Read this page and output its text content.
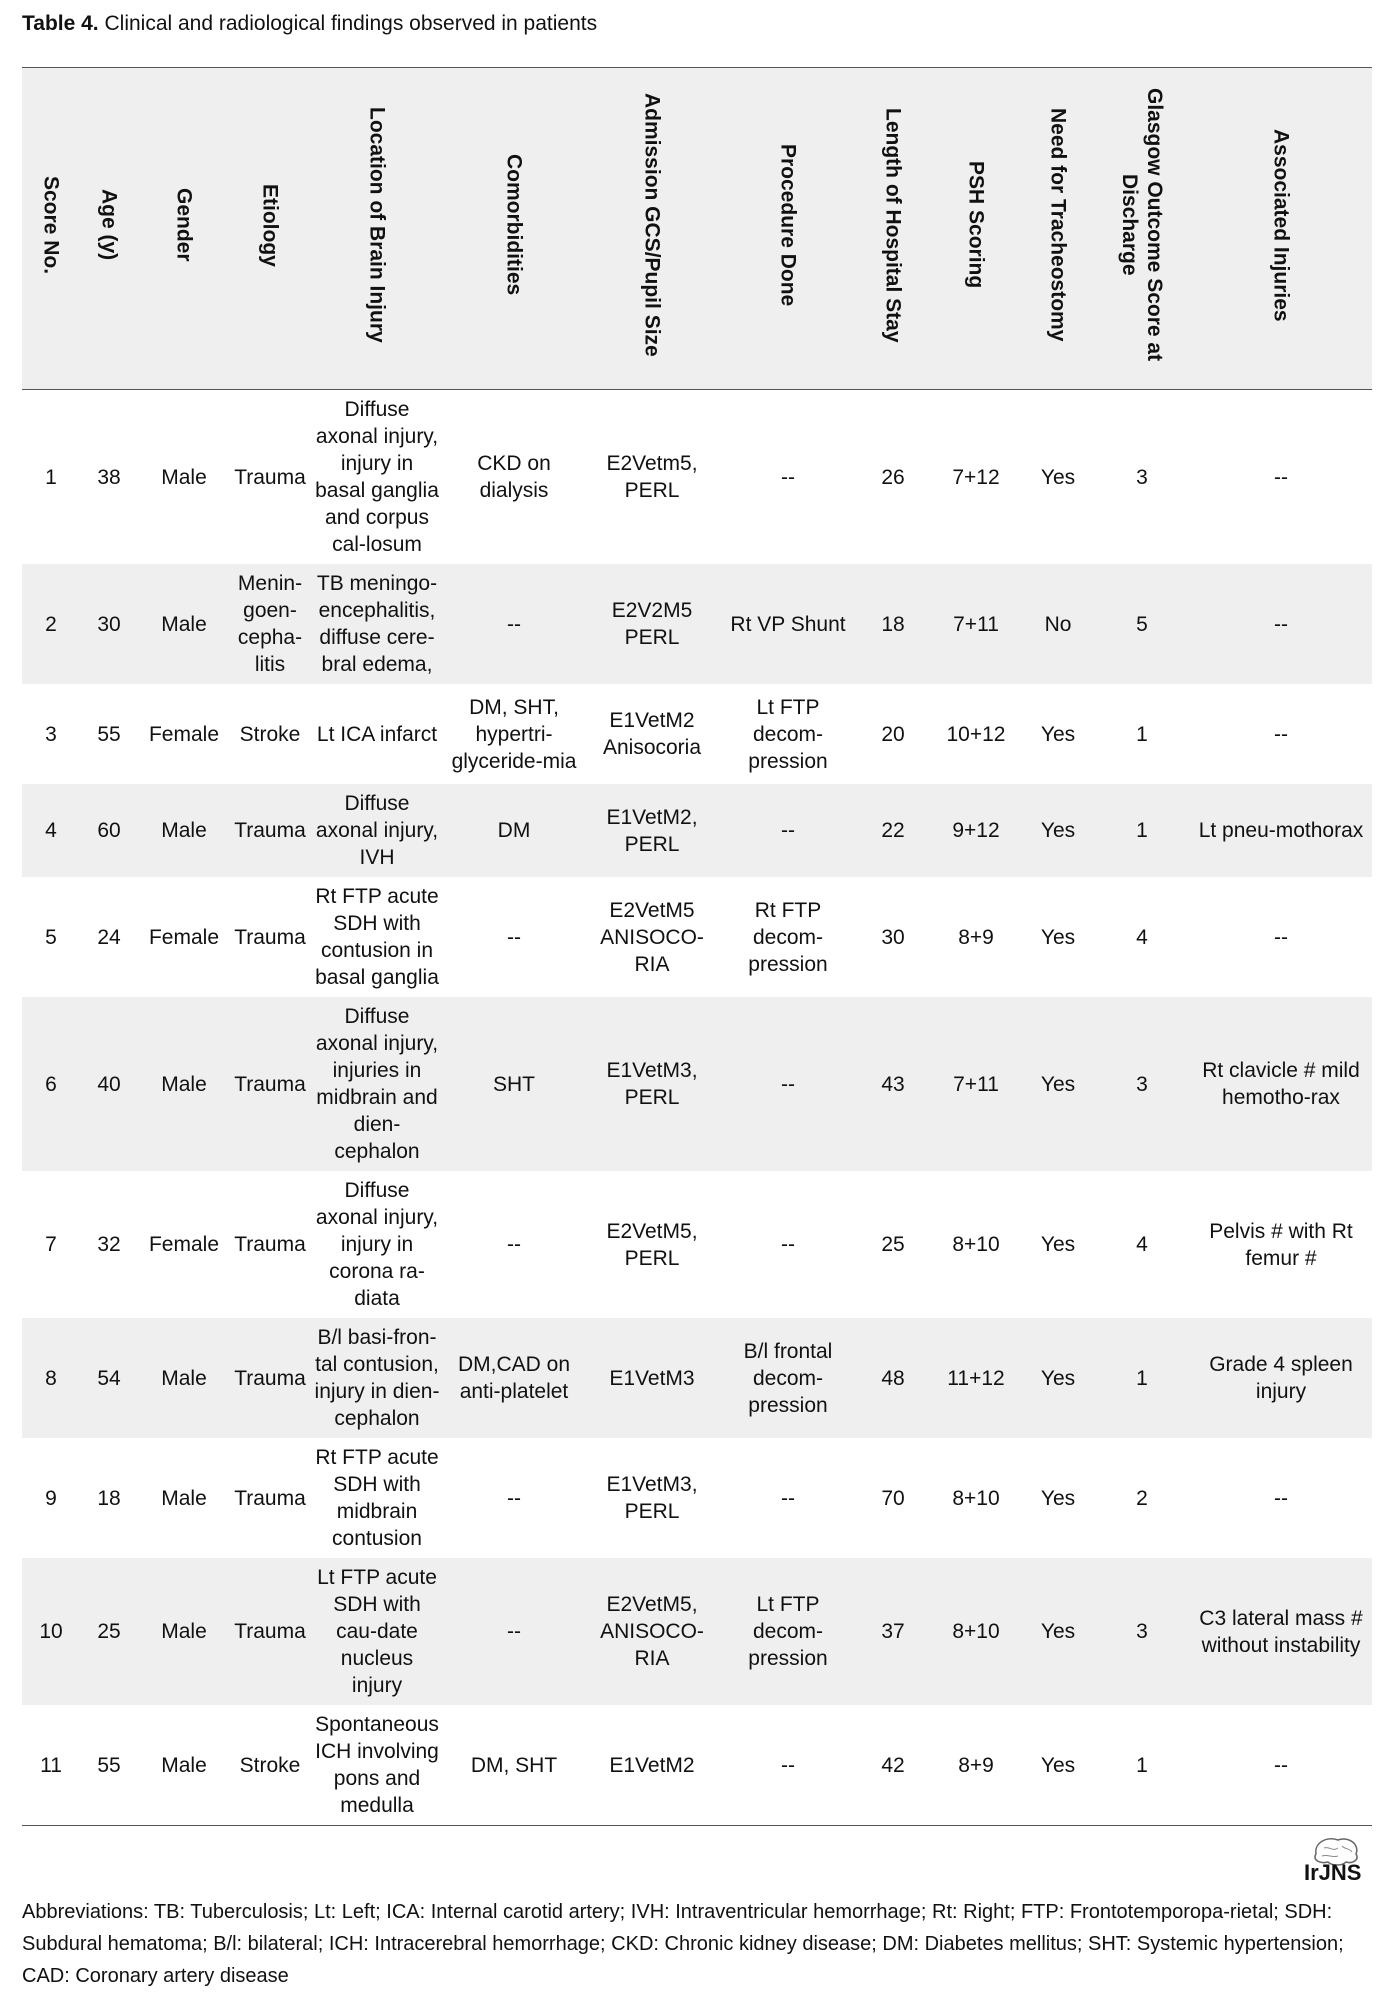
Table 4. Clinical and radiological findings observed in patients
Score No.	Age (y)	Gender	Etiology	Location of Brain Injury	Comorbidities	Admission GCS/Pupil Size	Procedure Done	Length of Hospital Stay	PSH Scoring	Need for Tracheostomy	Glasgow Outcome Score at Discharge	Associated Injuries
1	38	Male	Trauma	Diffuse axonal injury, injury in basal ganglia and corpus cal-losum	CKD on dialysis	E2Vetm5, PERL	--	26	7+12	Yes	3	--
2	30	Male	Menin-goen-cepha-litis	TB meningo-encephalitis, diffuse cere-bral edema,	--	E2V2M5 PERL	Rt VP Shunt	18	7+11	No	5	--
3	55	Female	Stroke	Lt ICA infarct	DM, SHT, hypertri-glyceride-mia	E1VetM2 Anisocoria	Lt FTP decom-pression	20	10+12	Yes	1	--
4	60	Male	Trauma	Diffuse axonal injury, IVH	DM	E1VetM2, PERL	--	22	9+12	Yes	1	Lt pneu-mothorax
5	24	Female	Trauma	Rt FTP acute SDH with contusion in basal ganglia	--	E2VetM5 ANISOCO-RIA	Rt FTP decom-pression	30	8+9	Yes	4	--
6	40	Male	Trauma	Diffuse axonal injury, injuries in midbrain and dien-cephalon	SHT	E1VetM3, PERL	--	43	7+11	Yes	3	Rt clavicle # mild hemotho-rax
7	32	Female	Trauma	Diffuse axonal injury, injury in corona ra-diata	--	E2VetM5, PERL	--	25	8+10	Yes	4	Pelvis # with Rt femur #
8	54	Male	Trauma	B/l basi-fron-tal contusion, injury in dien-cephalon	DM,CAD on anti-platelet	E1VetM3	B/l frontal decom-pression	48	11+12	Yes	1	Grade 4 spleen injury
9	18	Male	Trauma	Rt FTP acute SDH with midbrain contusion	--	E1VetM3, PERL	--	70	8+10	Yes	2	--
10	25	Male	Trauma	Lt FTP acute SDH with cau-date nucleus injury	--	E2VetM5, ANISOCO-RIA	Lt FTP decom-pression	37	8+10	Yes	3	C3 lateral mass # without instability
11	55	Male	Stroke	Spontaneous ICH involving pons and medulla	DM, SHT	E1VetM2	--	42	8+9	Yes	1	--
IrJNS
Abbreviations: TB: Tuberculosis; Lt: Left; ICA: Internal carotid artery; IVH: Intraventricular hemorrhage; Rt: Right; FTP: Frontotemporopa-rietal; SDH: Subdural hematoma; B/l: bilateral; ICH: Intracerebral hemorrhage; CKD: Chronic kidney disease; DM: Diabetes mellitus; SHT: Systemic hypertension; CAD: Coronary artery disease
